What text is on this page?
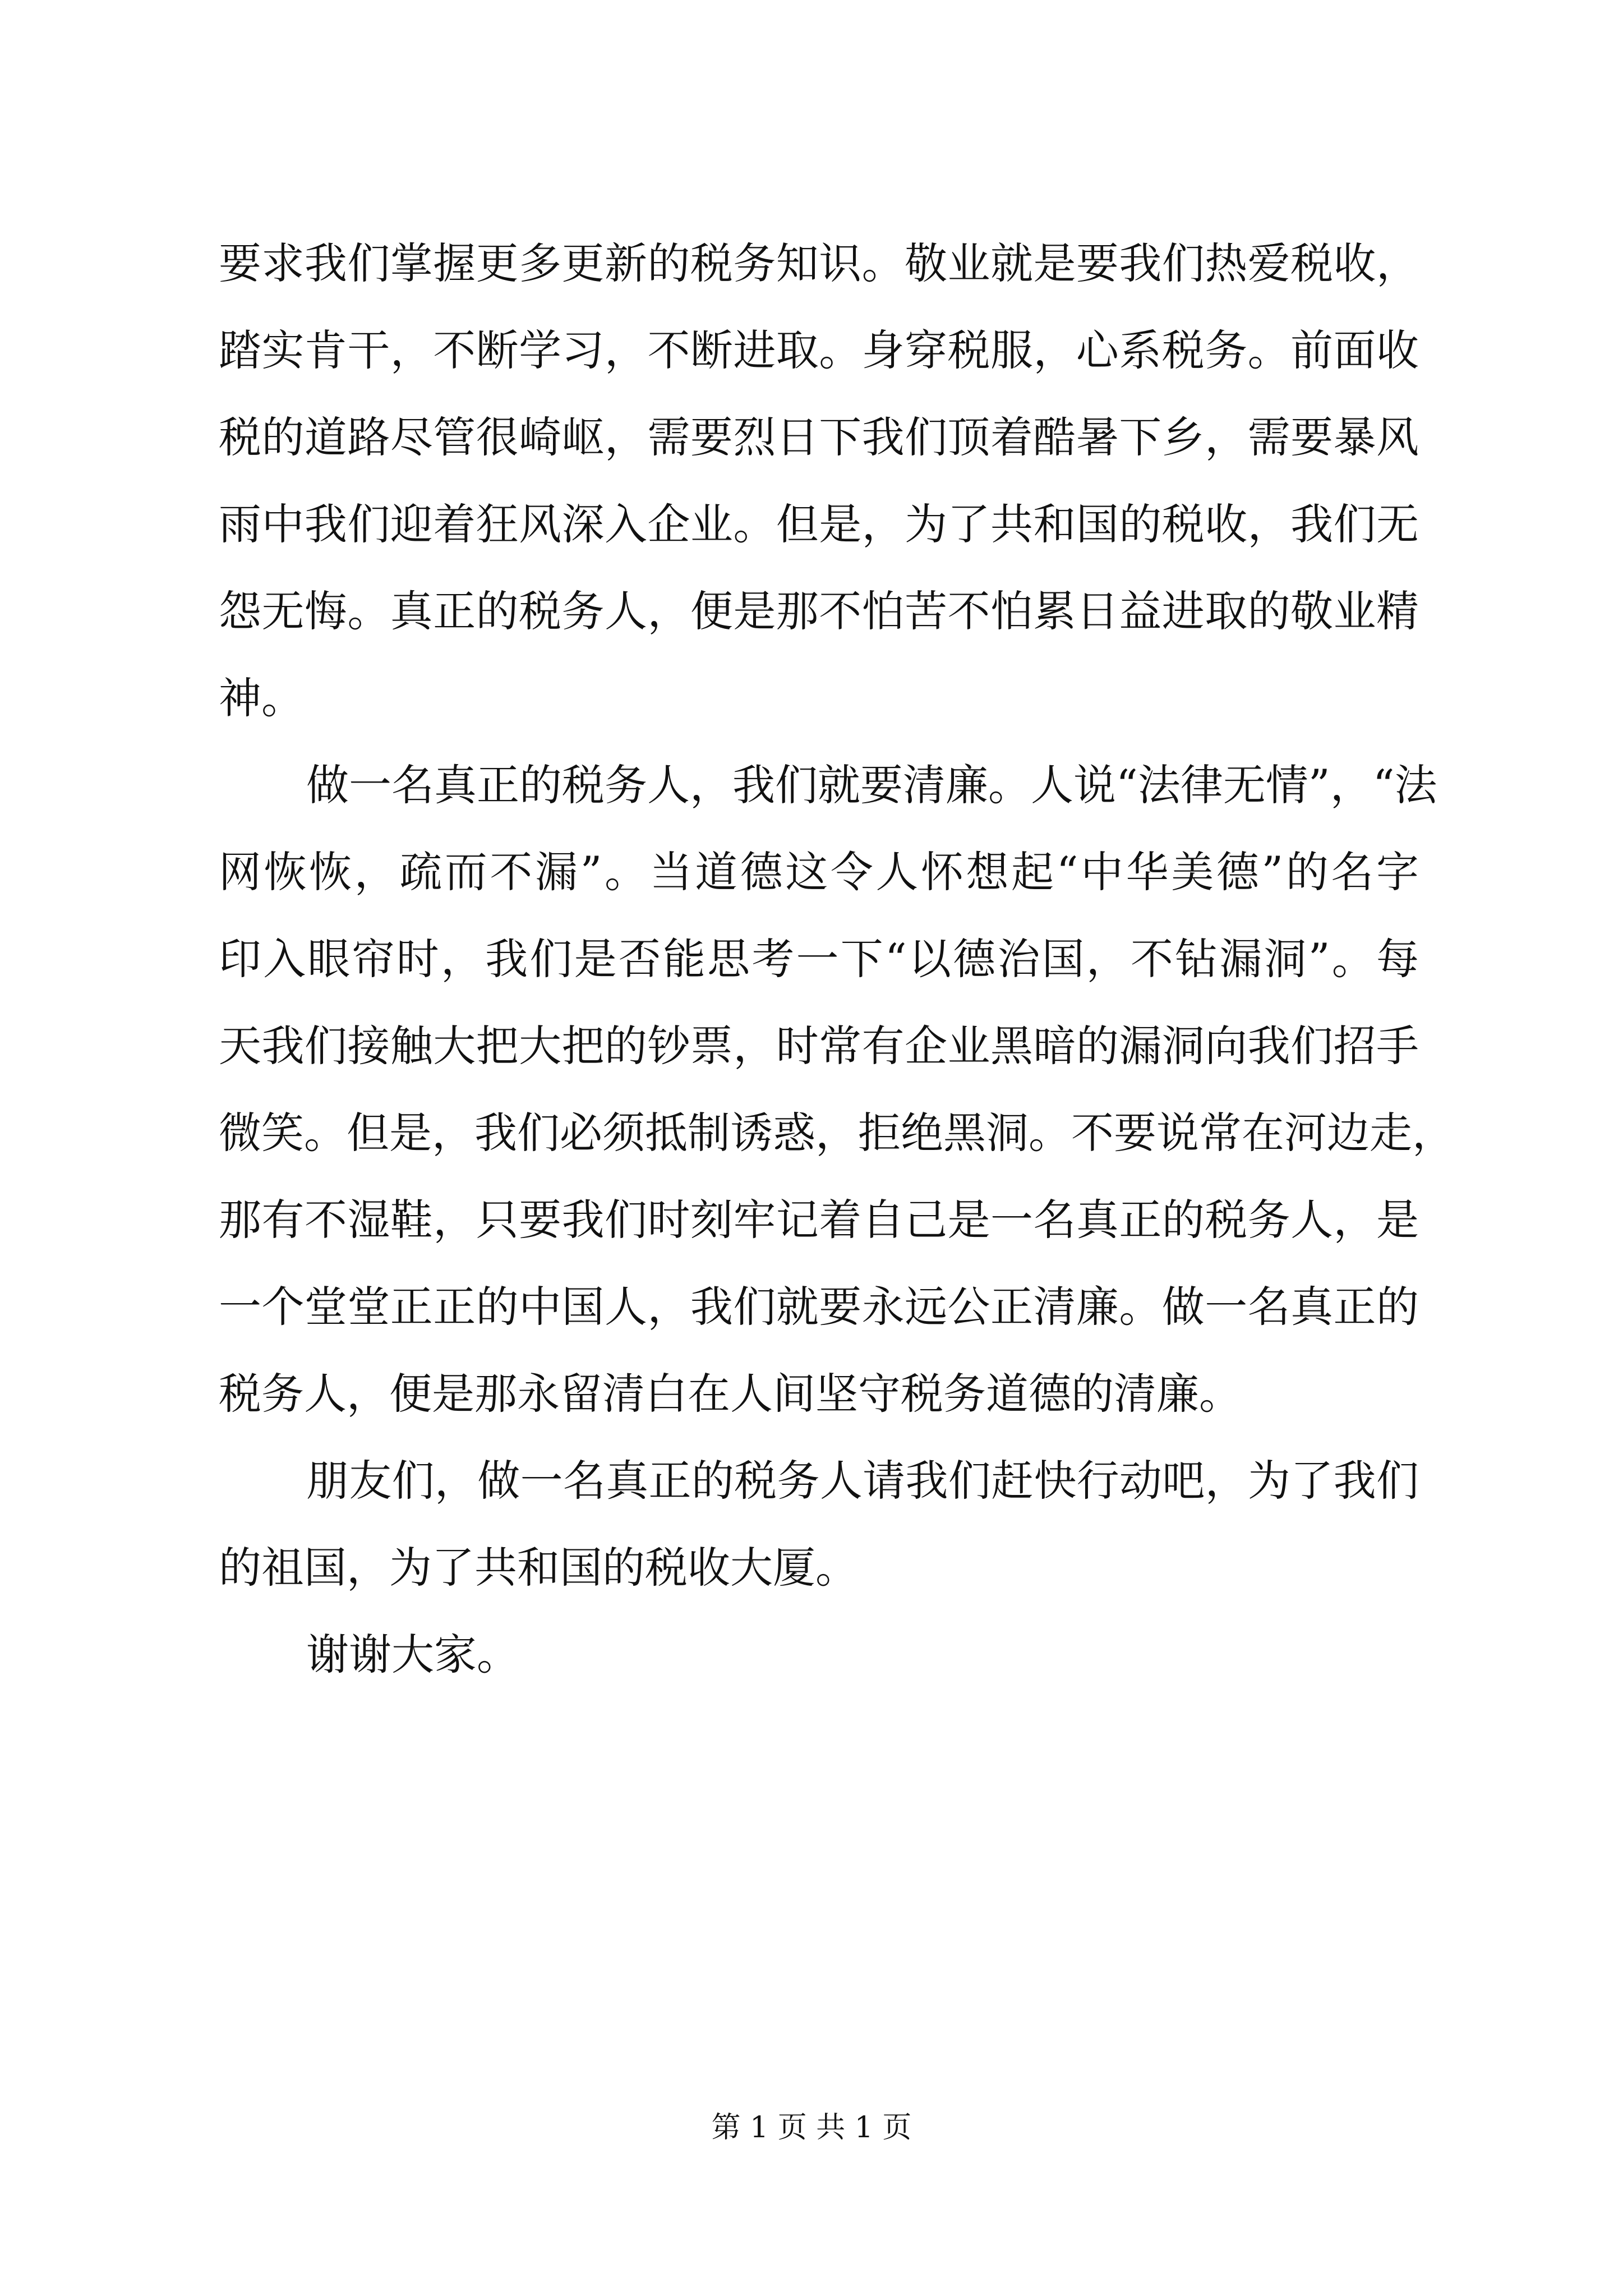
要求我们掌握更多更新的税务知识。敬业就是要我们热爱税收，
踏实肯干，不断学习，不断进取。身穿税服，心系税务。前面收
税的道路尽管很崎岖，需要烈日下我们顶着酷暑下乡，需要暴风
雨中我们迎着狂风深入企业。但是，为了共和国的税收，我们无
怨无悔。真正的税务人，便是那不怕苦不怕累日益进取的敬业精
神。
做一名真正的税务人，我们就要清廉。人说“法律无情”，“法
网恢恢，疏而不漏”。当道德这令人怀想起“中华美德”的名字
印入眼帘时，我们是否能思考一下“以德治国，不钻漏洞”。每
天我们接触大把大把的钞票，时常有企业黑暗的漏洞向我们招手
微笑。但是，我们必须抵制诱惑，拒绝黑洞。不要说常在河边走，
那有不湿鞋，只要我们时刻牢记着自己是一名真正的税务人，是
一个堂堂正正的中国人，我们就要永远公正清廉。做一名真正的
税务人，便是那永留清白在人间坚守税务道德的清廉。
朋友们，做一名真正的税务人请我们赶快行动吧，为了我们
的祖国，为了共和国的税收大厦。
谢谢大家。
第 1 页 共 1 页
